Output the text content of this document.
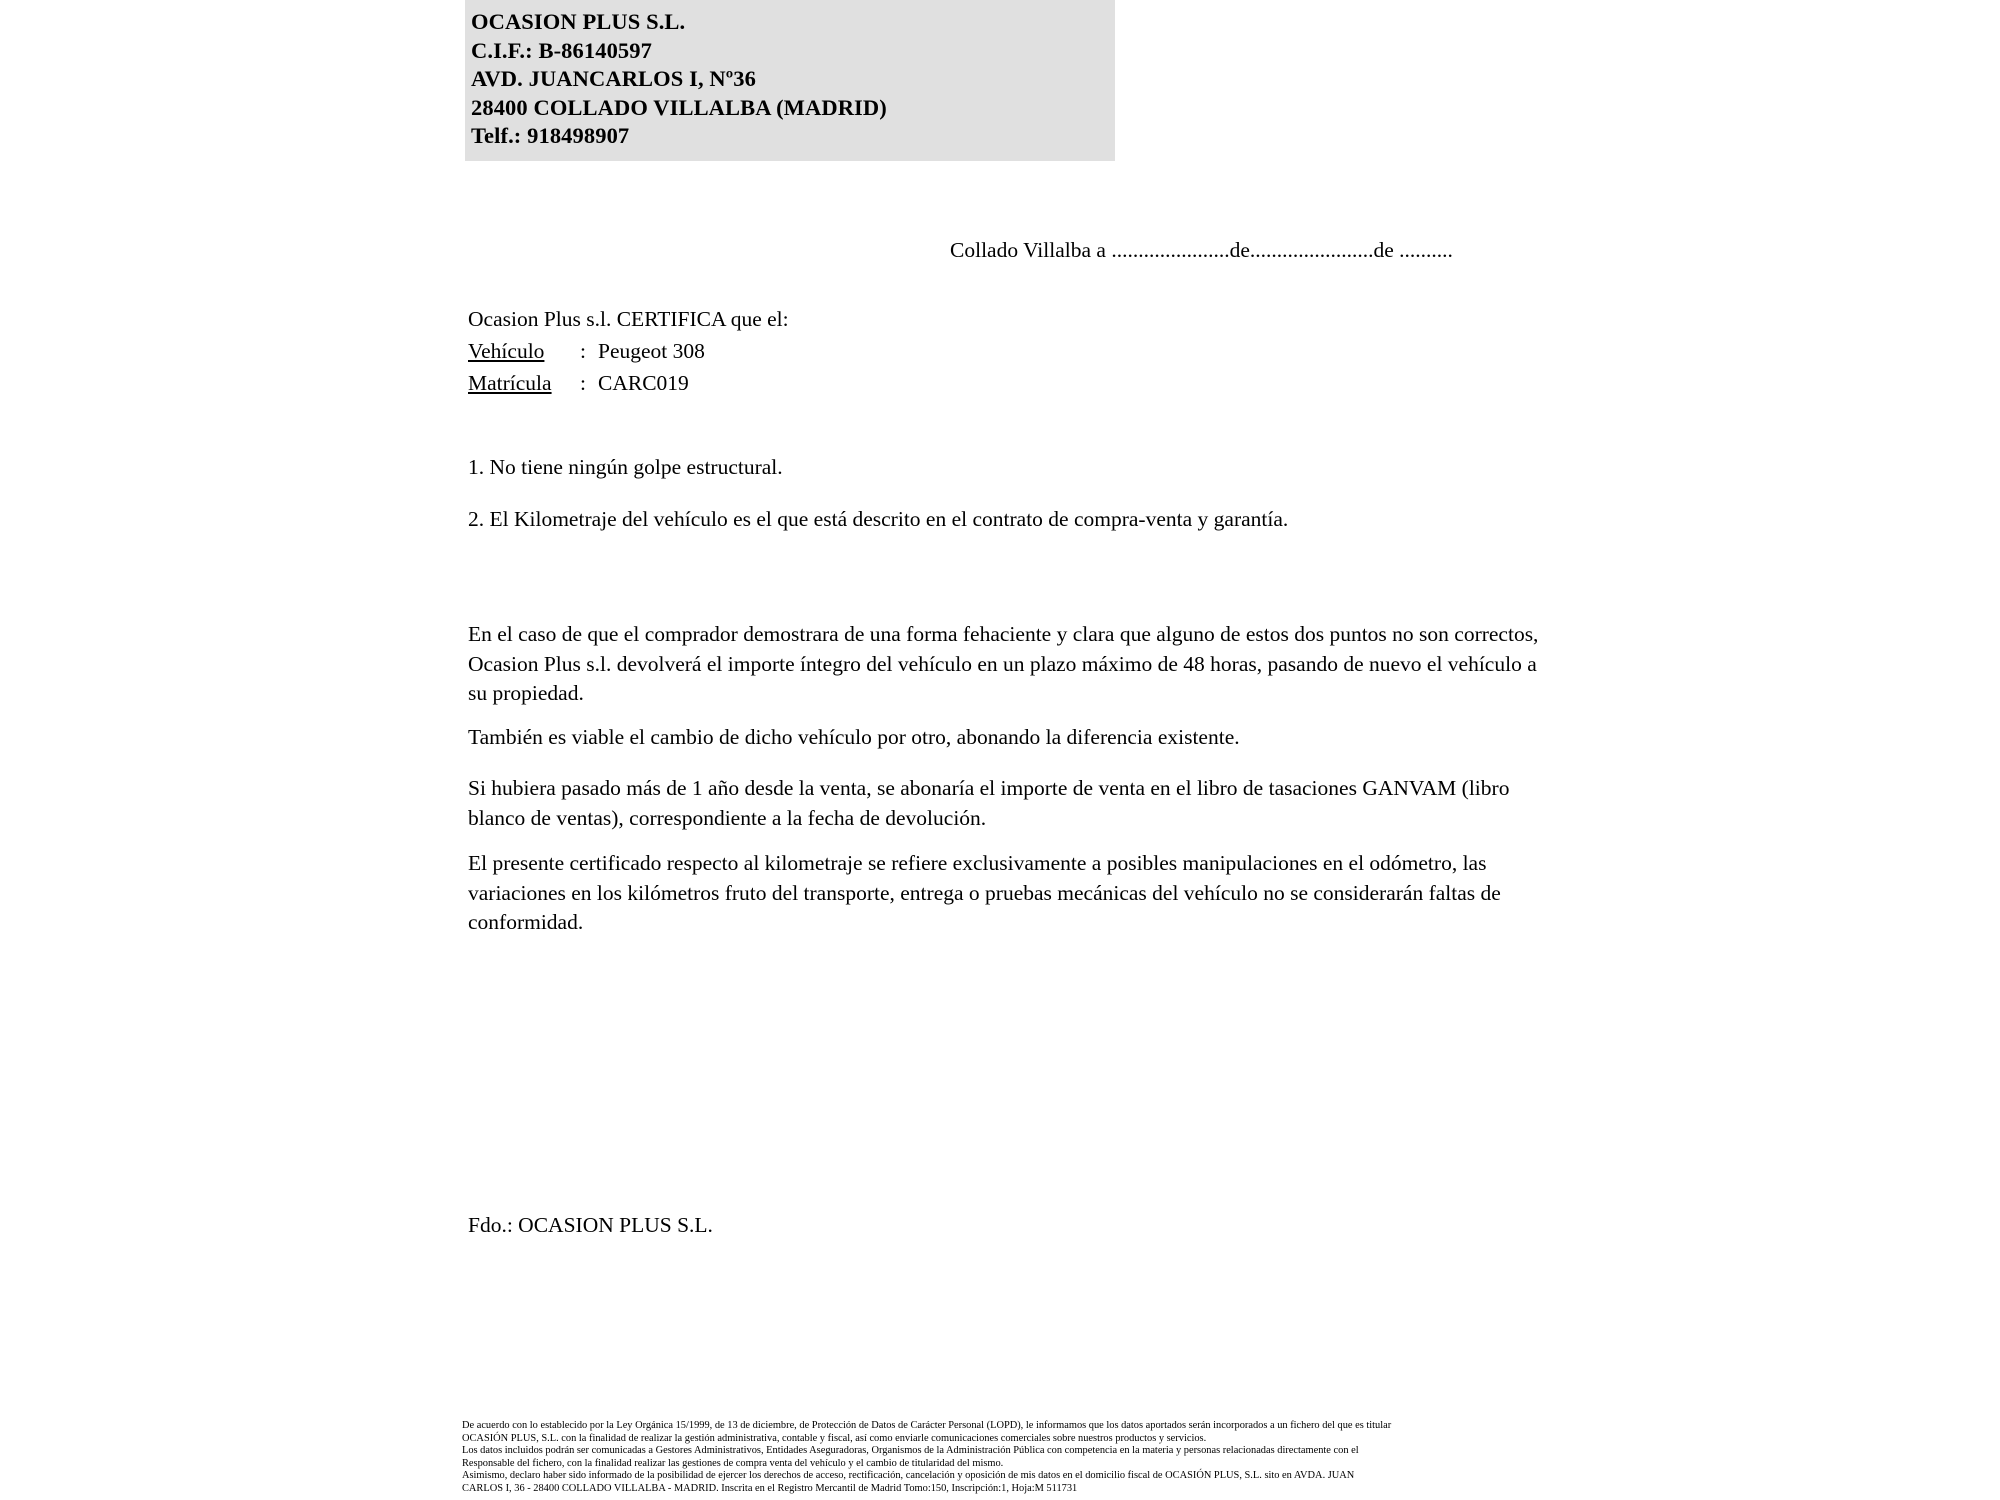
OCASION PLUS S.L.
C.I.F.: B-86140597
AVD. JUANCARLOS I, Nº36
28400 COLLADO VILLALBA (MADRID)
Telf.: 918498907
Collado Villalba a ......................de.......................de ..........
Ocasion Plus s.l. CERTIFICA que el:
Vehículo	: Peugeot 308
Matrícula	: CARC019
1. No tiene ningún golpe estructural.
2. El Kilometraje del vehículo es el que está descrito en el contrato de compra-venta y garantía.
En el caso de que el comprador demostrara de una forma fehaciente y clara que alguno de estos dos puntos no son correctos, Ocasion Plus s.l. devolverá el importe íntegro del vehículo en un plazo máximo de 48 horas, pasando de nuevo el vehículo a su propiedad.
También es viable el cambio de dicho vehículo por otro, abonando la diferencia existente.
Si hubiera pasado más de 1 año desde la venta, se abonaría el importe de venta en el libro de tasaciones GANVAM (libro blanco de ventas), correspondiente a la fecha de devolución.
El presente certificado respecto al kilometraje se refiere exclusivamente a posibles manipulaciones en el odómetro, las variaciones en los kilómetros fruto del transporte, entrega o pruebas mecánicas del vehículo no se considerarán faltas de conformidad.
Fdo.: OCASION PLUS S.L.

De acuerdo con lo establecido por la Ley Orgánica 15/1999, de 13 de diciembre, de Protección de Datos de Carácter Personal (LOPD), le informamos que los datos aportados serán incorporados a un fichero del que es titular

OCASIÓN PLUS, S.L. con la finalidad de realizar la gestión administrativa, contable y fiscal, así como enviarle comunicaciones comerciales sobre nuestros productos y servicios.

Los datos incluidos podrán ser comunicadas a Gestores Administrativos, Entidades Aseguradoras, Organismos de la Administración Pública con competencia en la materia y personas relacionadas directamente con el

Responsable del fichero, con la finalidad realizar las gestiones de compra venta del vehículo y el cambio de titularidad del mismo.

Asimismo, declaro haber sido informado de la posibilidad de ejercer los derechos de acceso, rectificación, cancelación y oposición de mis datos en el domicilio fiscal de OCASIÓN PLUS, S.L. sito en AVDA. JUAN

CARLOS I, 36 - 28400 COLLADO VILLALBA - MADRID. Inscrita en el Registro Mercantil de Madrid Tomo:150, Inscripción:1, Hoja:M 511731
